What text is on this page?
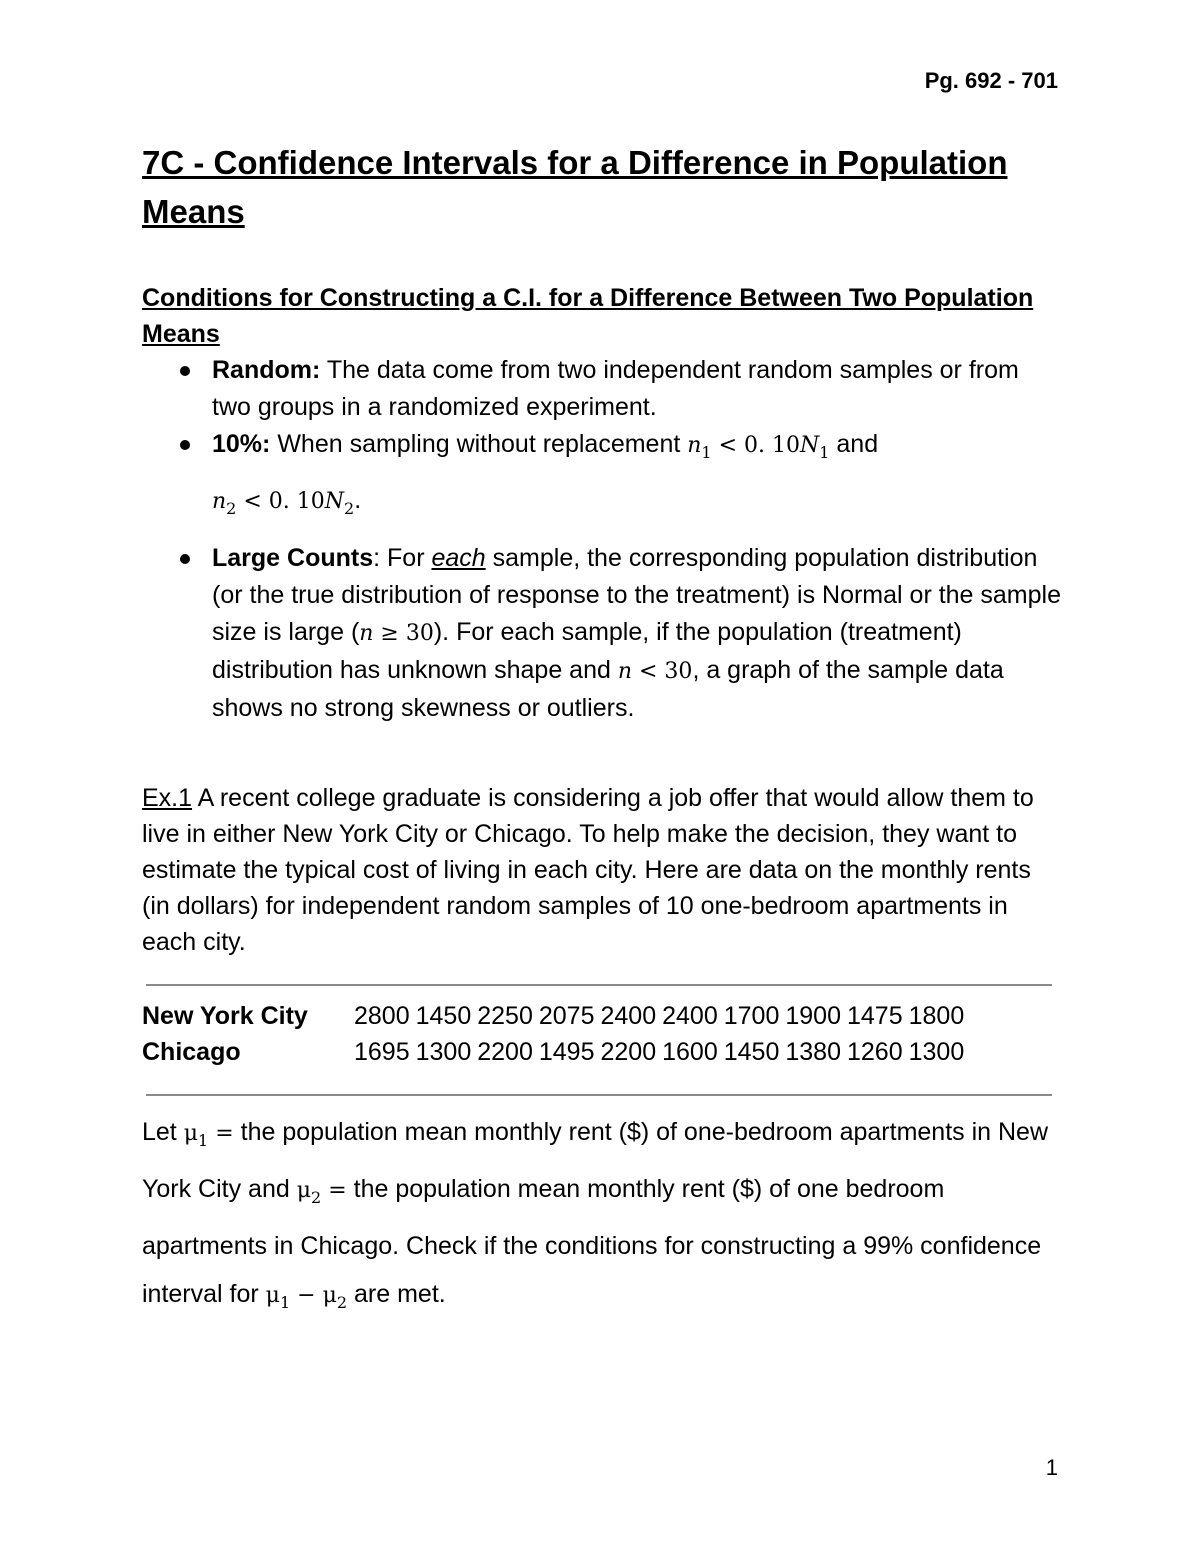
Pg. 692 - 701
7C - Confidence Intervals for a Difference in Population Means
Conditions for Constructing a C.I. for a Difference Between Two Population Means
Random: The data come from two independent random samples or from two groups in a randomized experiment.
10%: When sampling without replacement $n_1 < 0$. $10N_1$ and
$n_2 < 0$. $10N_2$.
Large Counts: For each sample, the corresponding population distribution (or the true distribution of response to the treatment) is Normal or the sample size is large (n ≥ 30). For each sample, if the population (treatment) distribution has unknown shape and n < 30, a graph of the sample data shows no strong skewness or outliers.

Ex.1 A recent college graduate is considering a job offer that would allow them to live in either New York City or Chicago. To help make the decision, they want to estimate the typical cost of living in each city. Here are data on the monthly rents (in dollars) for independent random samples of 10 one-bedroom apartments in each city.

New York City	2800	1450	2250	2075	2400	2400	1700	1900	1475	1800
Chicago	1695	1300	2200	1495	2200	1600	1450	1380	1260	1300

Let $\mu_1$ = the population mean monthly rent ($) of one-bedroom apartments in New York City and $\mu_2$ = the population mean monthly rent ($) of one bedroom apartments in Chicago. Check if the conditions for constructing a 99% confidence interval for $\mu_1 - \mu_2$ are met.

1
